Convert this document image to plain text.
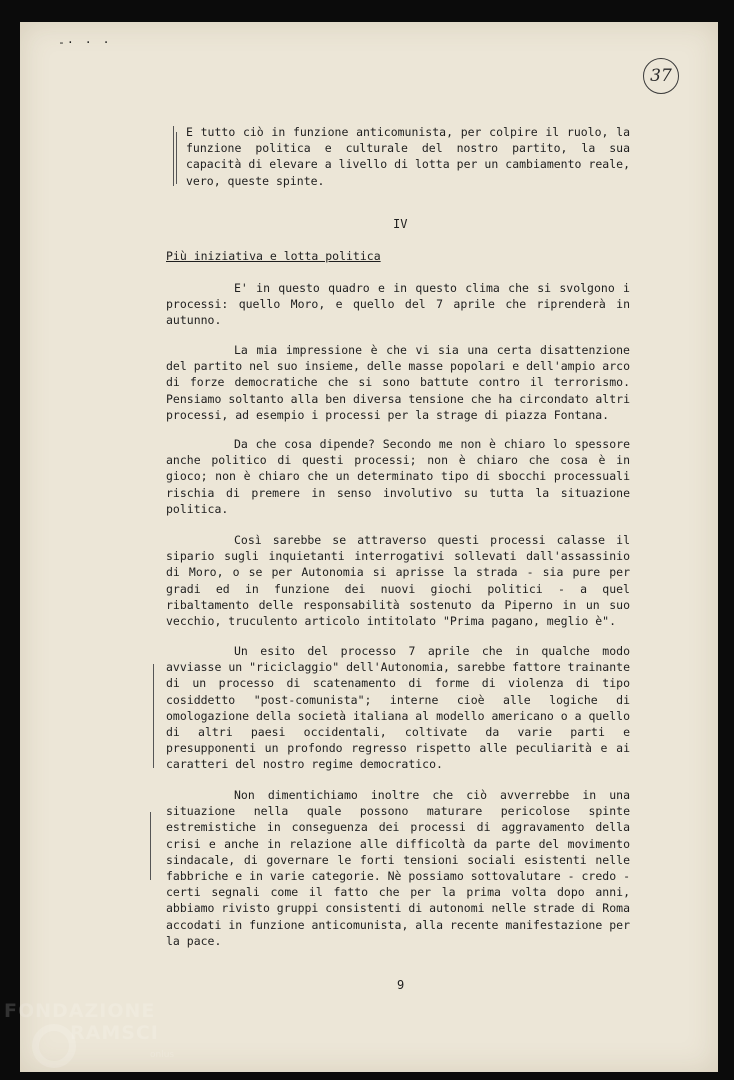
-· · ·
37
E tutto ciò in funzione anticomunista, per colpire il ruolo, la funzione politica e culturale del nostro partito, la sua capacità di elevare a livello di lotta per un cambiamento reale, vero, queste spinte.
IV
Più iniziativa e lotta politica
E' in questo quadro e in questo clima che si svolgono i processi: quello Moro, e quello del 7 aprile che riprenderà in autunno.
La mia impressione è che vi sia una certa disattenzione del partito nel suo insieme, delle masse popolari e dell'ampio arco di forze democratiche che si sono battute contro il terrorismo. Pensiamo soltanto alla ben diversa tensione che ha circondato altri processi, ad esempio i processi per la strage di piazza Fontana.
Da che cosa dipende? Secondo me non è chiaro lo spessore anche politico di questi processi; non è chiaro che cosa è in gioco; non è chiaro che un determinato tipo di sbocchi processuali rischia di premere in senso involutivo su tutta la situazione politica.
Così sarebbe se attraverso questi processi calasse il sipario sugli inquietanti interrogativi sollevati dall'assassinio di Moro, o se per Autonomia si aprisse la strada - sia pure per gradi ed in funzione dei nuovi giochi politici - a quel ribaltamento delle responsabilità sostenuto da Piperno in un suo vecchio, truculento articolo intitolato "Prima pagano, meglio è".
Un esito del processo 7 aprile che in qualche modo avviasse un "riciclaggio" dell'Autonomia, sarebbe fattore trainante di un processo di scatenamento di forme di violenza di tipo cosiddetto "post-comunista"; interne cioè alle logiche di omologazione della società italiana al modello americano o a quello di altri paesi occidentali, coltivate da varie parti e presupponenti un profondo regresso rispetto alle peculiarità e ai caratteri del nostro regime democratico.
Non dimentichiamo inoltre che ciò avverrebbe in una situazione nella quale possono maturare pericolose spinte estremistiche in conseguenza dei processi di aggravamento della crisi e anche in relazione alle difficoltà da parte del movimento sindacale, di governare le forti tensioni sociali esistenti nelle fabbriche e in varie categorie. Nè possiamo sottovalutare - credo - certi segnali come il fatto che per la prima volta dopo anni, abbiamo rivisto gruppi consistenti di autonomi nelle strade di Roma accodati in funzione anticomunista, alla recente manifestazione per la pace.
9
FONDAZIONE
RAMSCI
onlus
